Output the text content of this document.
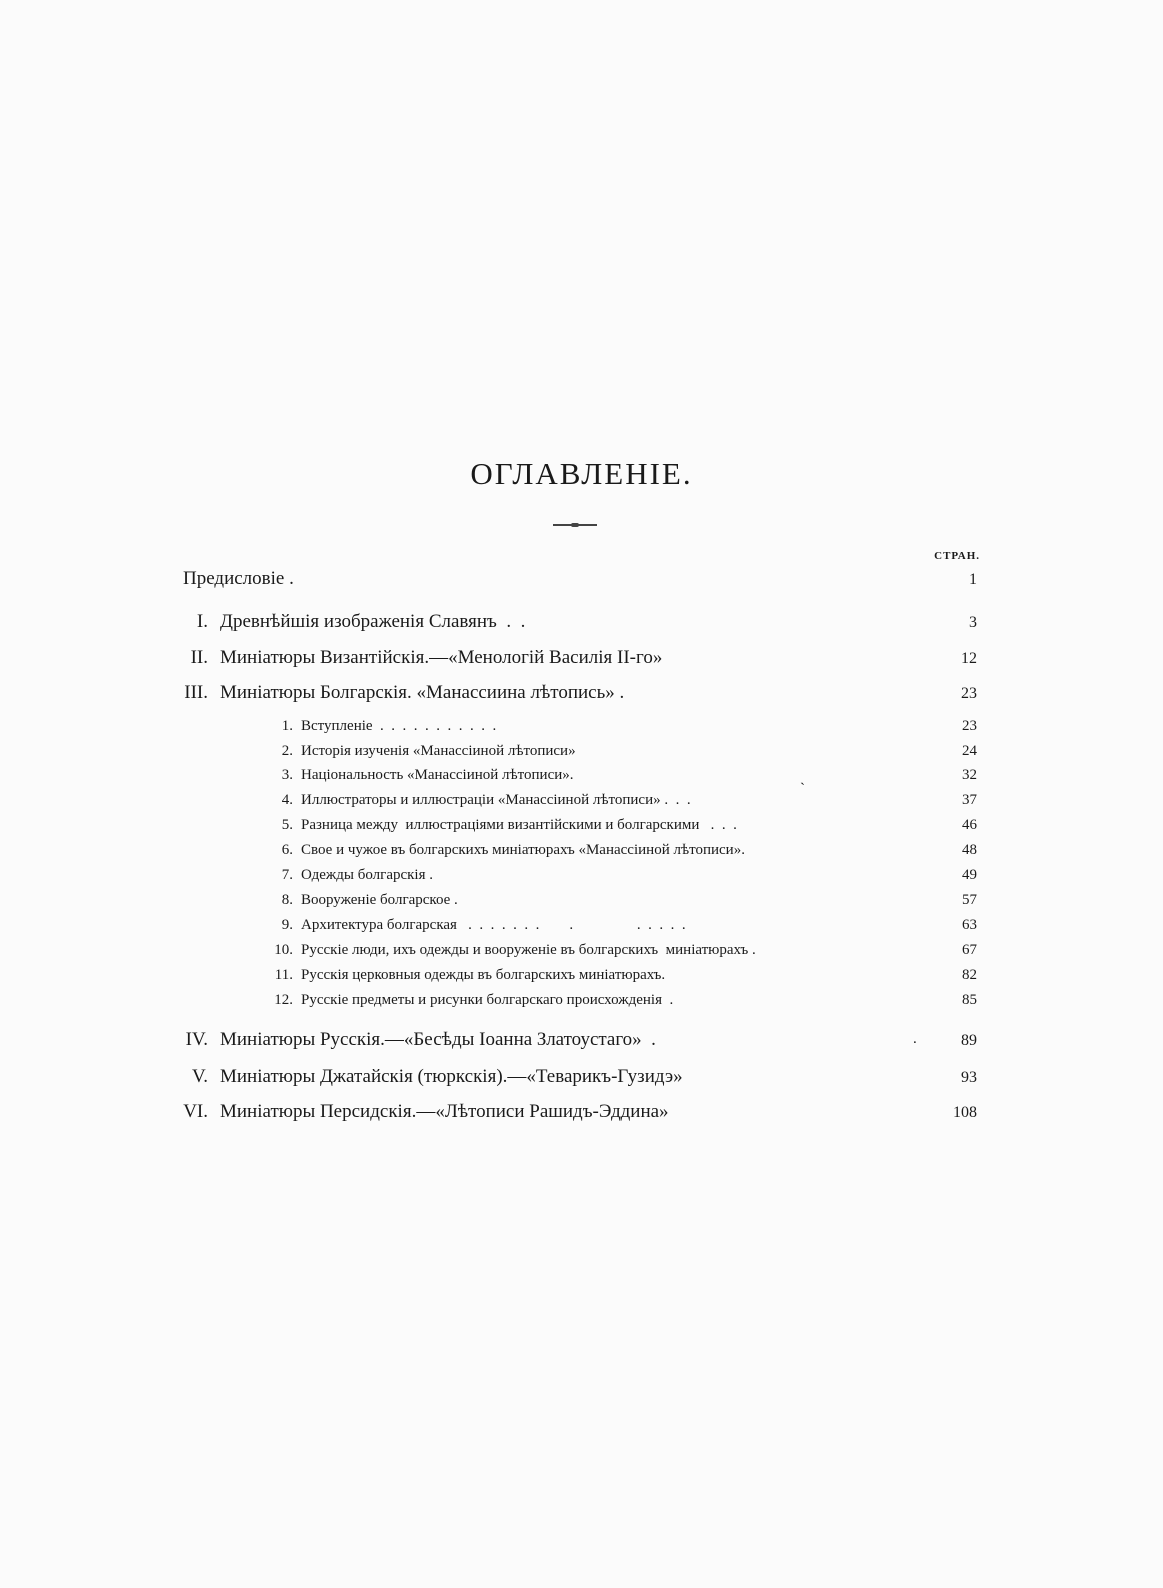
ОГЛАВЛЕНІЕ.
СТРАН.
Предисловіе .	1
I. Древнѣйшія изображенія Славянъ  .  .	3
II. Миніатюры Византійскія.—«Менологій Василія II-го»	12
III. Миніатюры Болгарскія. «Манассиина лѣтопись» .	23
1. Вступленіе  .  .  .  .  .  .  .  .  .  .  .	23
2. Исторія изученія «Манассіиной лѣтописи»	24
3. Національность «Манассіиной лѣтописи».	32
ˏ
4. Иллюстраторы и иллюстраціи «Манассіиной лѣтописи» .  .  .	37
5. Разница между  иллюстраціями византійскими и болгарскими   .  .  .	46
6. Свое и чужое въ болгарскихъ миніатюрахъ «Манассіиной лѣтописи».	48
7. Одежды болгарскія .	49
8. Вооруженіе болгарское .	57
9. Архитектура болгарская   .  .  .  .  .  .  .        .                 .  .  .  .  .	63
10. Русскіе люди, ихъ одежды и вооруженіе въ болгарскихъ  миніатюрахъ .	67
11. Русскія церковныя одежды въ болгарскихъ миніатюрахъ.	82
12. Русскіе предметы и рисунки болгарскаго происхожденія  .	85
IV. Миніатюры Русскія.—«Бесѣды Іоанна Златоустаго»  .	.	89
V. Миніатюры Джатайскія (тюркскія).—«Теварикъ-Гузидэ»	93
VI. Миніатюры Персидскія.—«Лѣтописи Рашидъ-Эддина»	108
